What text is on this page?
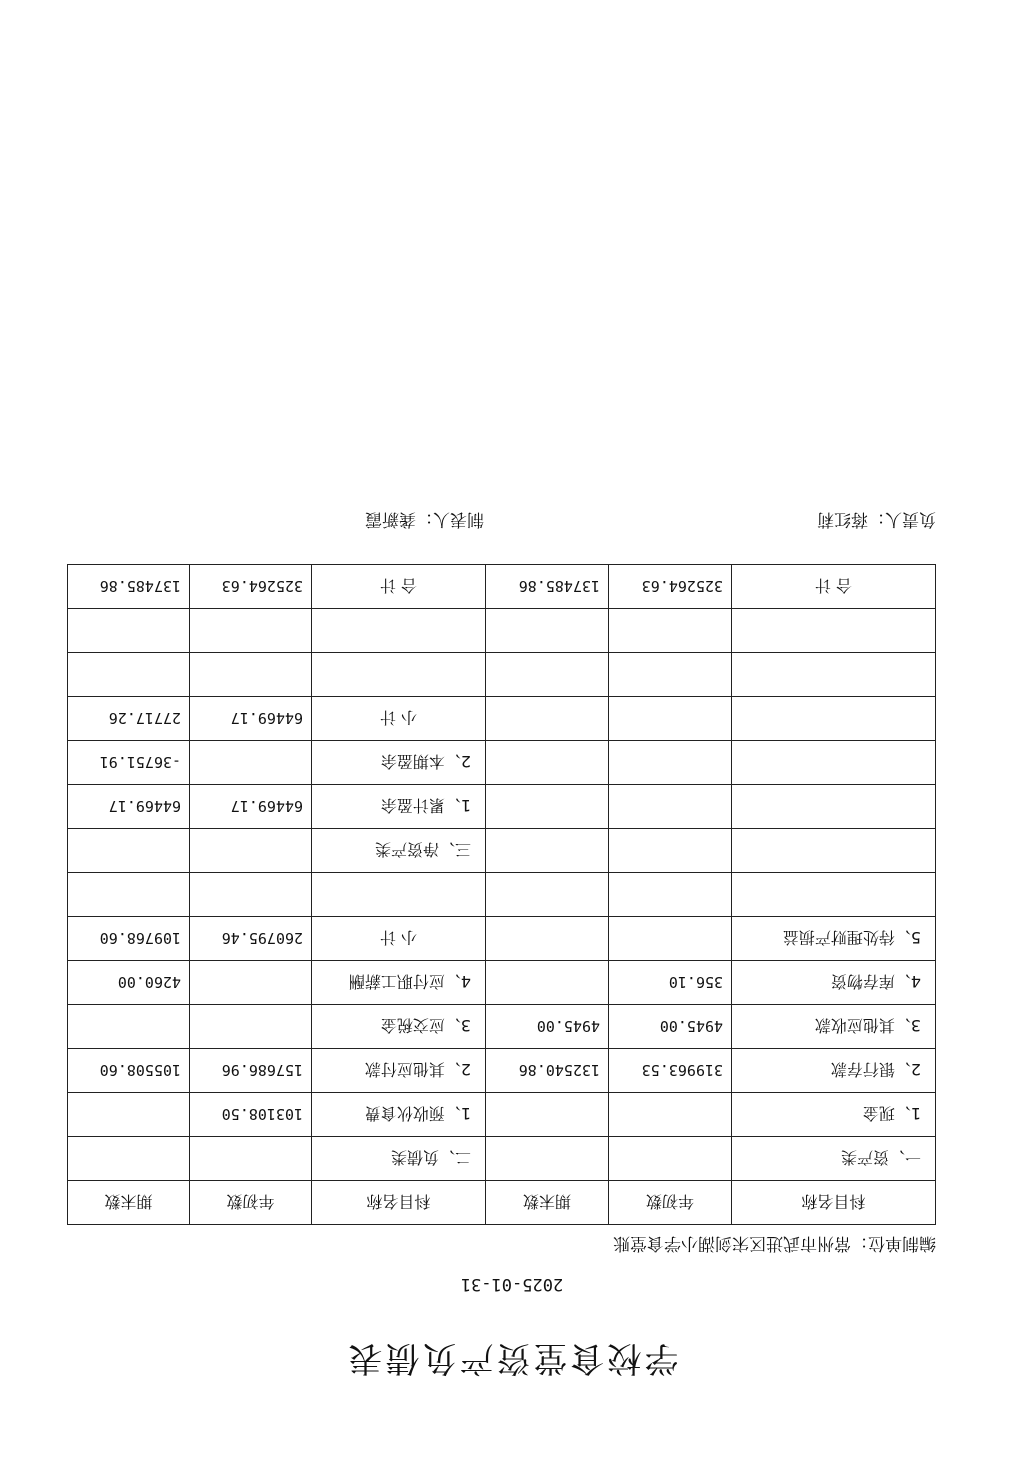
学校食堂资产负债表
2025-01-31
编制单位：常州市武进区宋剑湖小学食堂账
科目名称	年初数	期末数	科目名称	年初数	期末数
一、资产类			二、负债类		
1、现金			1、预收伙食费	103108.50	
2、银行存款	319963.53	132540.86	2、其他应付款	157686.96	105508.60
3、其他应收款	4945.00	4945.00	3、应交税金		
4、库存物资	356.10		4、应付职工薪酬		4260.00
5、待处理财产损益			小 计	260795.46	109768.60

			三、净资产类		
			1、累计盈余	64469.17	64469.17
			2、本期盈余		-36751.91
			小 计	64469.17	27717.26

合 计	325264.63	137485.86	合 计	325264.63	137485.86
负责人：蒋红莉
制表人：龚新霞
